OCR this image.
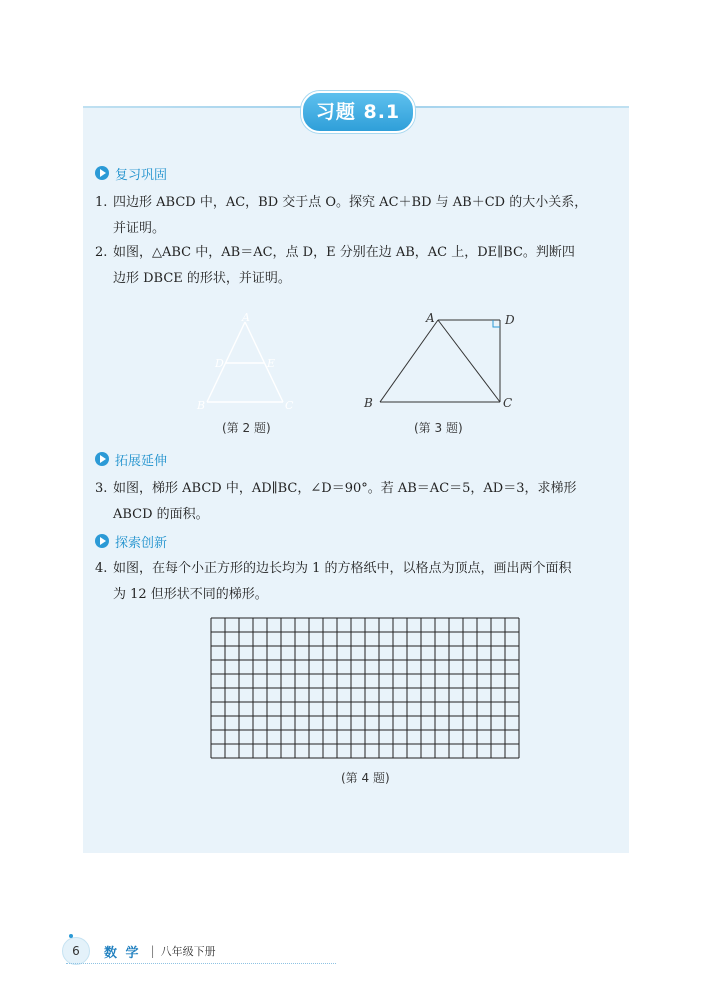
习题 8.1
复习巩固
1. 四边形 ABCD 中，AC，BD 交于点 O。探究 AC＋BD 与 AB＋CD 的大小关系，
并证明。
2. 如图，△ABC 中，AB＝AC，点 D，E 分别在边 AB，AC 上，DE∥BC。判断四
边形 DBCE 的形状，并证明。
A
D	E
B	C
(第 2 题)
A	D
B	C
(第 3 题)
拓展延伸
3. 如图，梯形 ABCD 中，AD∥BC，∠D＝90°。若 AB＝AC＝5，AD＝3，求梯形
ABCD 的面积。
探索创新
4. 如图，在每个小正方形的边长均为 1 的方格纸中，以格点为顶点，画出两个面积
为 12 但形状不同的梯形。
(第 4 题)
6 数 学 | 八年级下册
